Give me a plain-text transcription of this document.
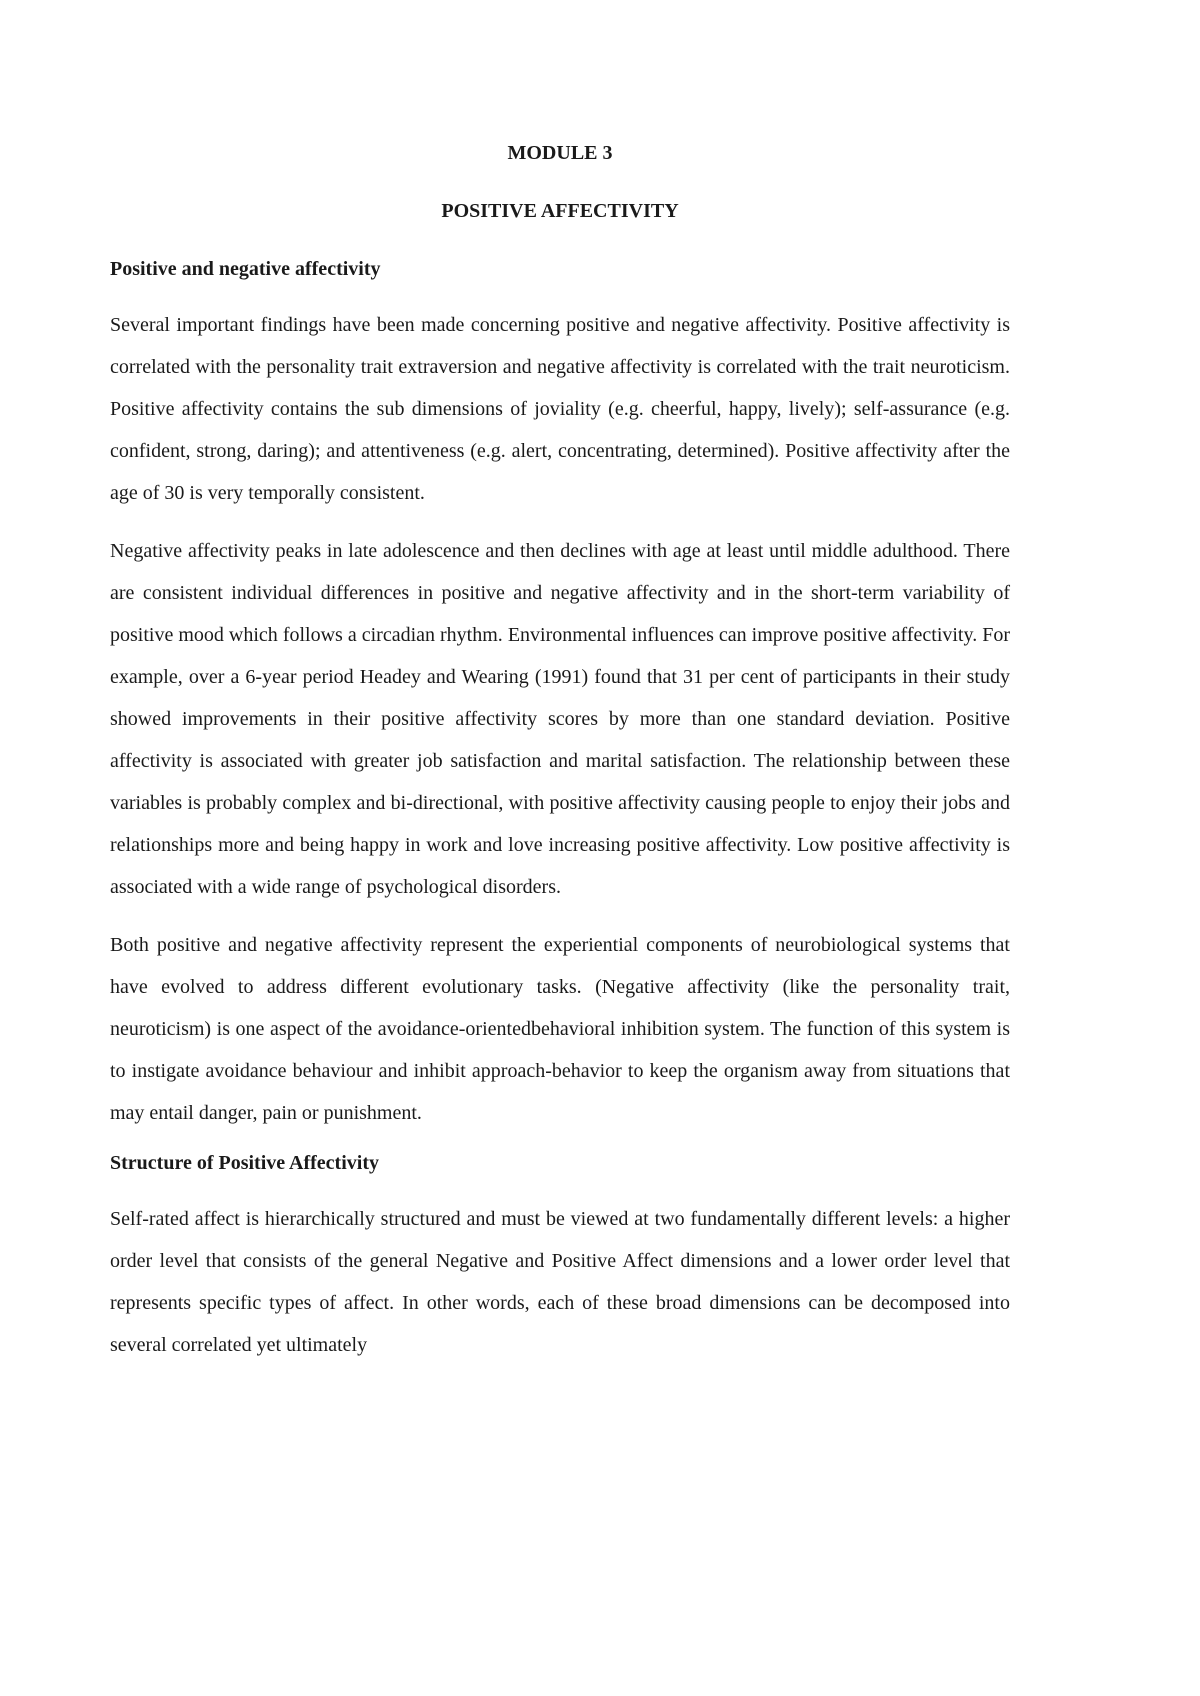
MODULE 3

POSITIVE AFFECTIVITY

Positive and negative affectivity

Several important findings have been made concerning positive and negative affectivity. Positive affectivity is correlated with the personality trait extraversion and negative affectivity is correlated with the trait neuroticism. Positive affectivity contains the sub dimensions of joviality (e.g. cheerful, happy, lively); self-assurance (e.g. confident, strong, daring); and attentiveness (e.g. alert, concentrating, determined). Positive affectivity after the age of 30 is very temporally consistent.

Negative affectivity peaks in late adolescence and then declines with age at least until middle adulthood. There are consistent individual differences in positive and negative affectivity and in the short-term variability of positive mood which follows a circadian rhythm. Environmental influences can improve positive affectivity. For example, over a 6-year period Headey and Wearing (1991) found that 31 per cent of participants in their study showed improvements in their positive affectivity scores by more than one standard deviation. Positive affectivity is associated with greater job satisfaction and marital satisfaction. The relationship between these variables is probably complex and bi-directional, with positive affectivity causing people to enjoy their jobs and relationships more and being happy in work and love increasing positive affectivity. Low positive affectivity is associated with a wide range of psychological disorders.

Both positive and negative affectivity represent the experiential components of neurobiological systems that have evolved to address different evolutionary tasks. (Negative affectivity (like the personality trait, neuroticism) is one aspect of the avoidance-orientedbehavioral inhibition system. The function of this system is to instigate avoidance behaviour and inhibit approach-behavior to keep the organism away from situations that may entail danger, pain or punishment.

Structure of Positive Affectivity

Self-rated affect is hierarchically structured and must be viewed at two fundamentally different levels: a higher order level that consists of the general Negative and Positive Affect dimensions and a lower order level that represents specific types of affect. In other words, each of these broad dimensions can be decomposed into several correlated yet ultimately
